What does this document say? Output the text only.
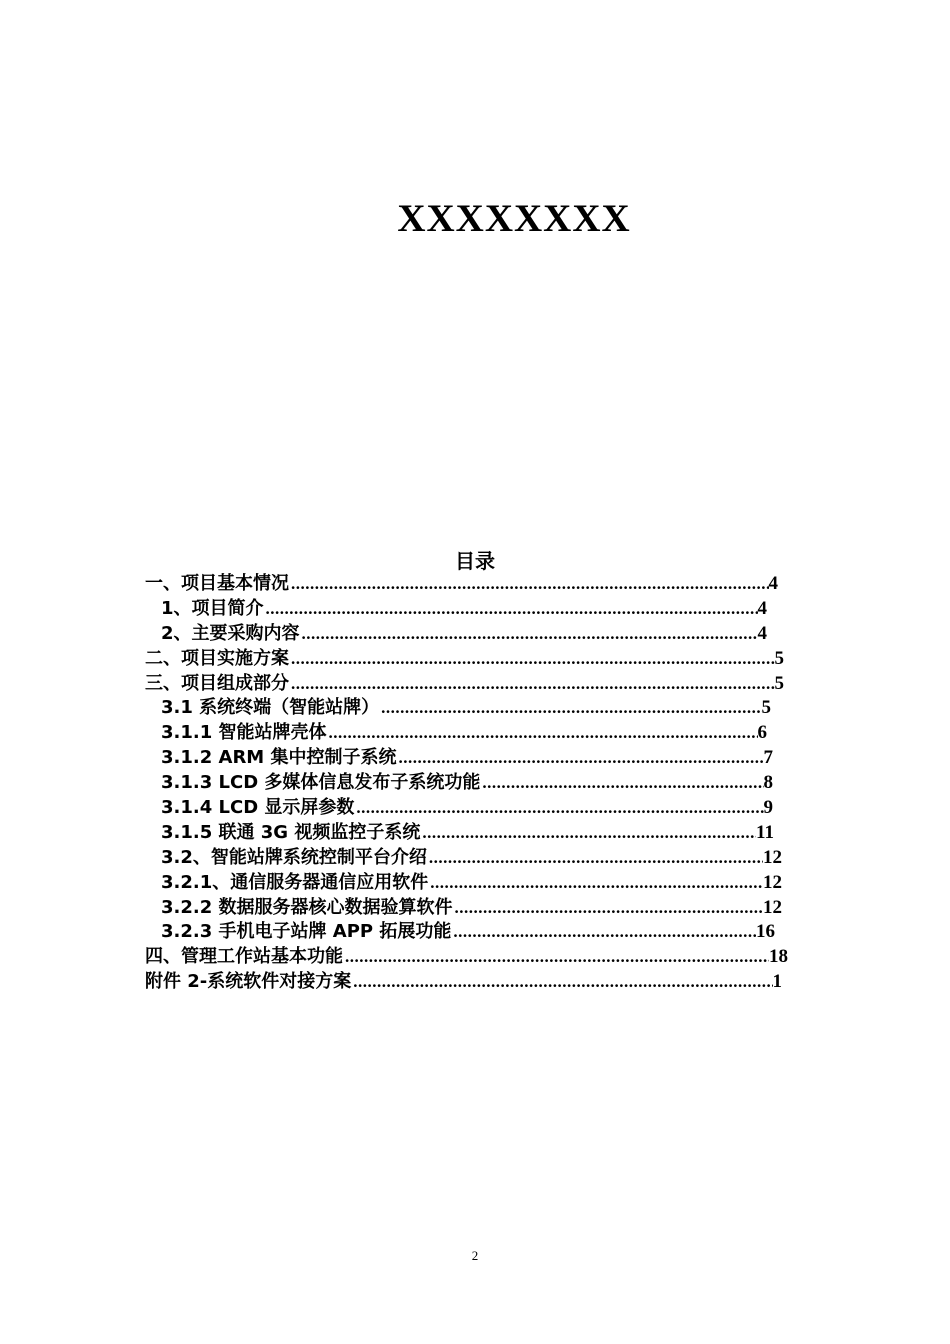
XXXXXXXX
目录
一、项目基本情况 .....	4
1、项目简介 .....	4
2、主要采购内容 .....	4
二、项目实施方案 .....	5
三、项目组成部分 .....	5
3.1 系统终端（智能站牌） .....	5
3.1.1 智能站牌壳体 .....	6
3.1.2 ARM 集中控制子系统 .....	7
3.1.3 LCD 多媒体信息发布子系统功能 .....	8
3.1.4 LCD 显示屏参数 .....	9
3.1.5 联通 3G 视频监控子系统 .....	11
3.2、智能站牌系统控制平台介绍 .....	12
3.2.1、通信服务器通信应用软件 .....	12
3.2.2 数据服务器核心数据验算软件 .....	12
3.2.3 手机电子站牌 APP 拓展功能 .....	16
四、管理工作站基本功能 .....	18
附件 2-系统软件对接方案 .....	1
2
